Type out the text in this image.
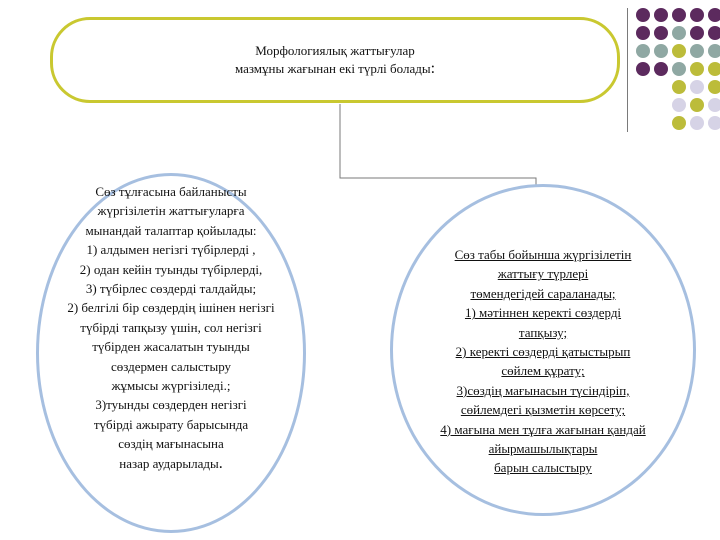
Морфологиялық жаттығулар
мазмұны жағынан екі түрлі болады:
Сөз тұлғасына байланысты
жүргізілетін жаттығуларға
мынандай талаптар қойылады:
1) алдымен негізгі түбірлерді ,
2) одан кейін туынды түбірлерді,
3) түбірлес сөздерді талдайды;
2) белгілі бір сөздердің ішінен негізгі
түбірді тапқызу үшін, сол негізгі
түбірден жасалатын туынды
сөздермен салыстыру
жұмысы жүргізіледі.;
3)туынды сөздерден негізгі
түбірді ажырату барысында
сөздің мағынасына
назар аударылады.
Сөз табы бойынша жүргізілетін
жаттығу түрлері
төмендегідей сараланады;
1) мәтіннен керекті сөздерді
тапқызу;
2) керекті сөздерді қатыстырып
сөйлем құрату;
3)сөздің мағынасын түсіндіріп,
сөйлемдегі қызметін көрсету;
4) мағына мен тұлға жағынан қандай
айырмашылықтары
барын салыстыру
